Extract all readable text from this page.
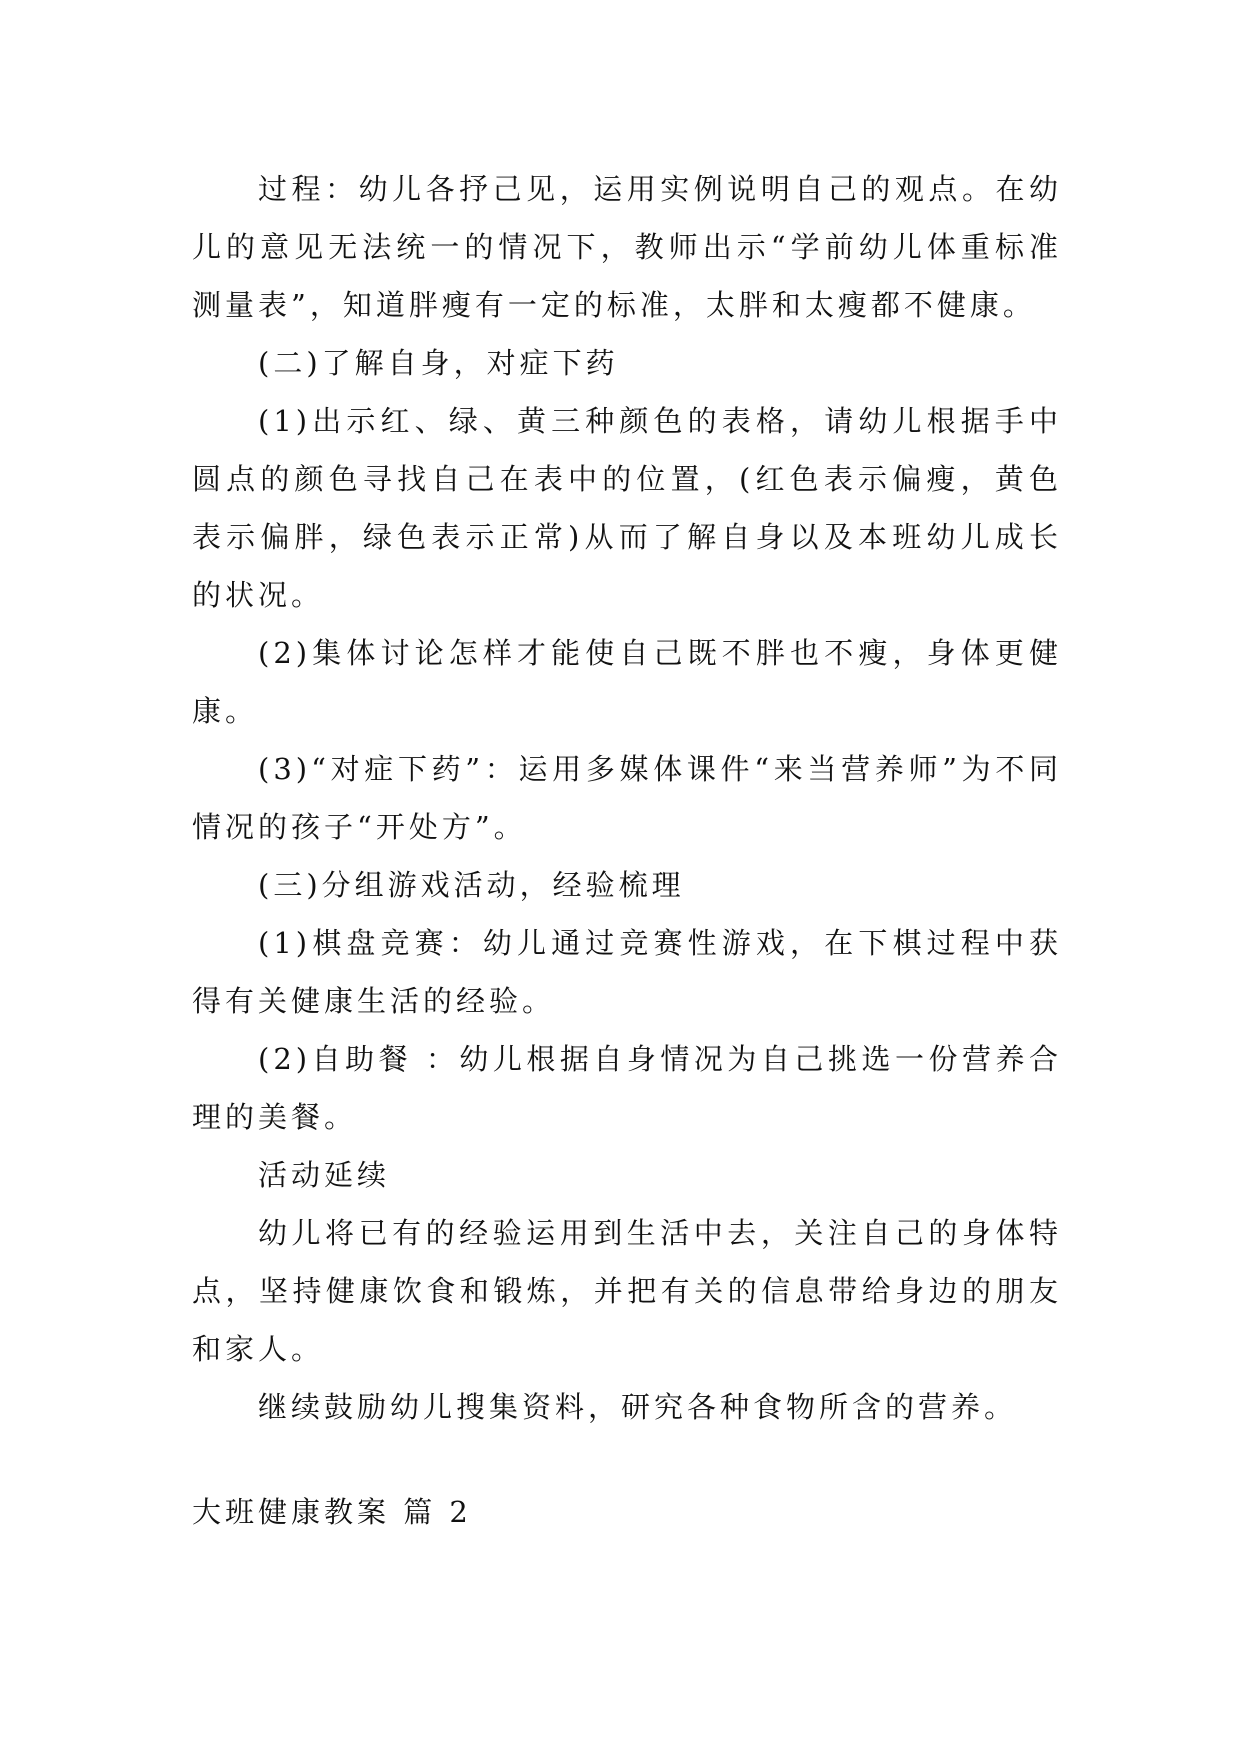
过程：幼儿各抒己见，运用实例说明自己的观点。在幼儿的意见无法统一的情况下，教师出示“学前幼儿体重标准测量表”，知道胖瘦有一定的标准，太胖和太瘦都不健康。

(二)了解自身，对症下药

(1)出示红、绿、黄三种颜色的表格，请幼儿根据手中圆点的颜色寻找自己在表中的位置，(红色表示偏瘦，黄色表示偏胖，绿色表示正常)从而了解自身以及本班幼儿成长的状况。

(2)集体讨论怎样才能使自己既不胖也不瘦，身体更健康。

(3)“对症下药”：运用多媒体课件“来当营养师”为不同情况的孩子“开处方”。

(三)分组游戏活动，经验梳理

(1)棋盘竞赛：幼儿通过竞赛性游戏，在下棋过程中获得有关健康生活的经验。

(2)自助餐 ：幼儿根据自身情况为自己挑选一份营养合理的美餐。

活动延续

幼儿将已有的经验运用到生活中去，关注自己的身体特点，坚持健康饮食和锻炼，并把有关的信息带给身边的朋友和家人。

继续鼓励幼儿搜集资料，研究各种食物所含的营养。

大班健康教案 篇 2
